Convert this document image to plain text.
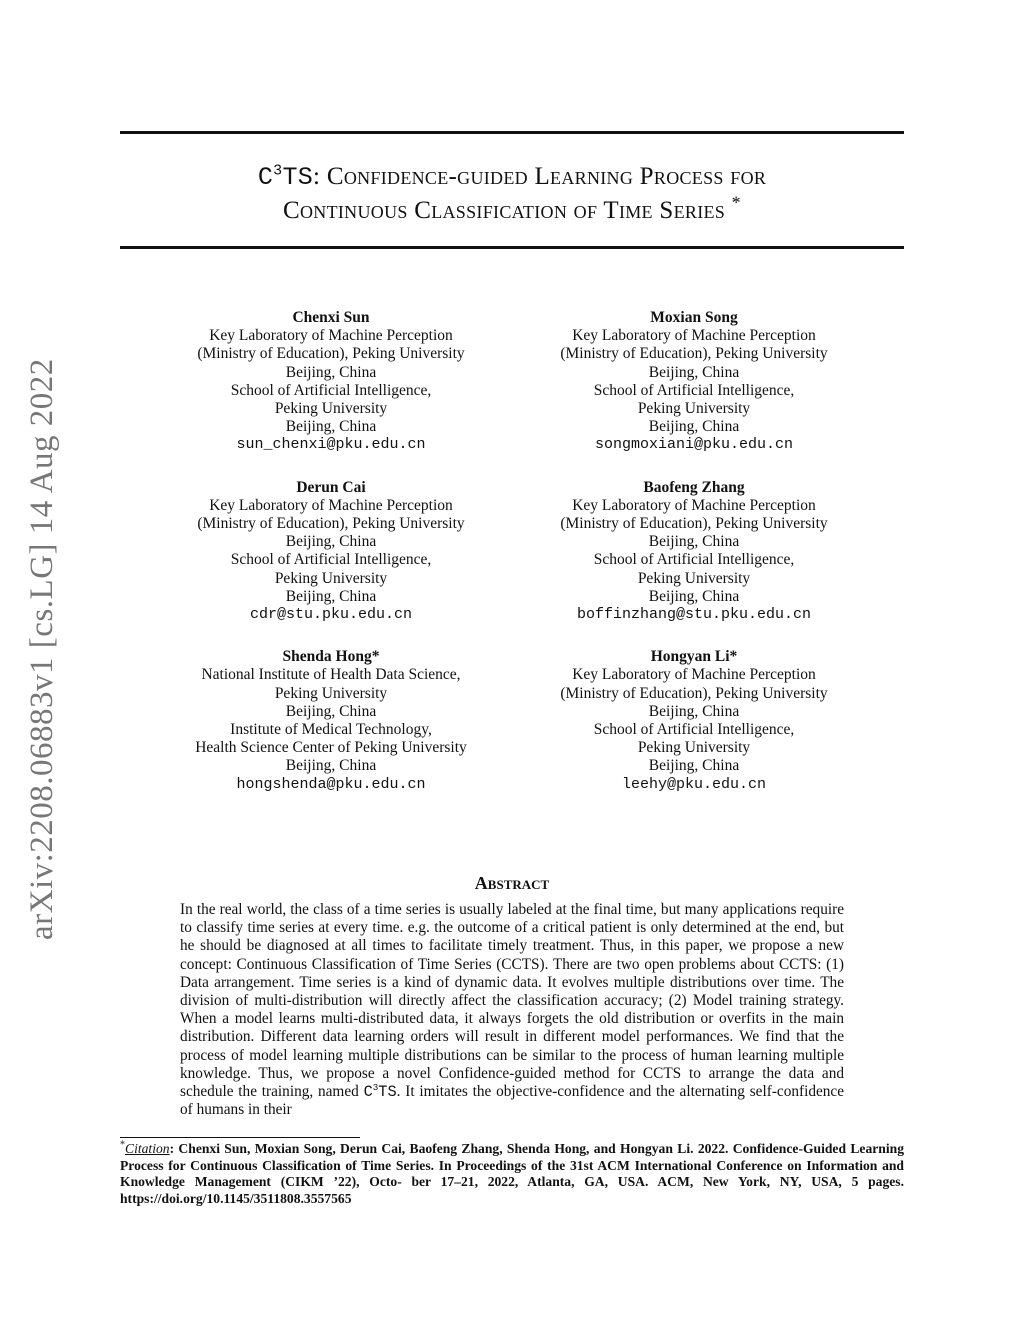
$C^3TS$: Confidence-guided Learning Process for
Continuous Classification of Time Series *
arXiv:2208.06883v1 [cs.LG] 14 Aug 2022
Chenxi Sun
Key Laboratory of Machine Perception
(Ministry of Education), Peking University
Beijing, China
School of Artificial Intelligence,
Peking University
Beijing, China
sun_chenxi@pku.edu.cn
Moxian Song
Key Laboratory of Machine Perception
(Ministry of Education), Peking University
Beijing, China
School of Artificial Intelligence,
Peking University
Beijing, China
songmoxiani@pku.edu.cn
Derun Cai
Key Laboratory of Machine Perception
(Ministry of Education), Peking University
Beijing, China
School of Artificial Intelligence,
Peking University
Beijing, China
cdr@stu.pku.edu.cn
Baofeng Zhang
Key Laboratory of Machine Perception
(Ministry of Education), Peking University
Beijing, China
School of Artificial Intelligence,
Peking University
Beijing, China
boffinzhang@stu.pku.edu.cn
Shenda Hong*
National Institute of Health Data Science,
Peking University
Beijing, China
Institute of Medical Technology,
Health Science Center of Peking University
Beijing, China
hongshenda@pku.edu.cn
Hongyan Li*
Key Laboratory of Machine Perception
(Ministry of Education), Peking University
Beijing, China
School of Artificial Intelligence,
Peking University
Beijing, China
leehy@pku.edu.cn
Abstract
In the real world, the class of a time series is usually labeled at the final time, but many applications require to classify time series at every time. e.g. the outcome of a critical patient is only determined at the end, but he should be diagnosed at all times to facilitate timely treatment. Thus, in this paper, we propose a new concept: Continuous Classification of Time Series (CCTS). There are two open problems about CCTS: (1) Data arrangement. Time series is a kind of dynamic data. It evolves multiple distributions over time. The division of multi-distribution will directly affect the classification accuracy; (2) Model training strategy. When a model learns multi-distributed data, it always forgets the old distribution or overfits in the main distribution. Different data learning orders will result in different model performances. We find that the process of model learning multiple distributions can be similar to the process of human learning multiple knowledge. Thus, we propose a novel Confidence-guided method for CCTS to arrange the data and schedule the training, named $C^3TS$. It imitates the objective-confidence and the alternating self-confidence of humans in their
*Citation: Chenxi Sun, Moxian Song, Derun Cai, Baofeng Zhang, Shenda Hong, and Hongyan Li. 2022. Confidence-Guided Learning Process for Continuous Classification of Time Series. In Proceedings of the 31st ACM International Conference on Information and Knowledge Management (CIKM ’22), Octo- ber 17–21, 2022, Atlanta, GA, USA. ACM, New York, NY, USA, 5 pages. https://doi.org/10.1145/3511808.3557565
